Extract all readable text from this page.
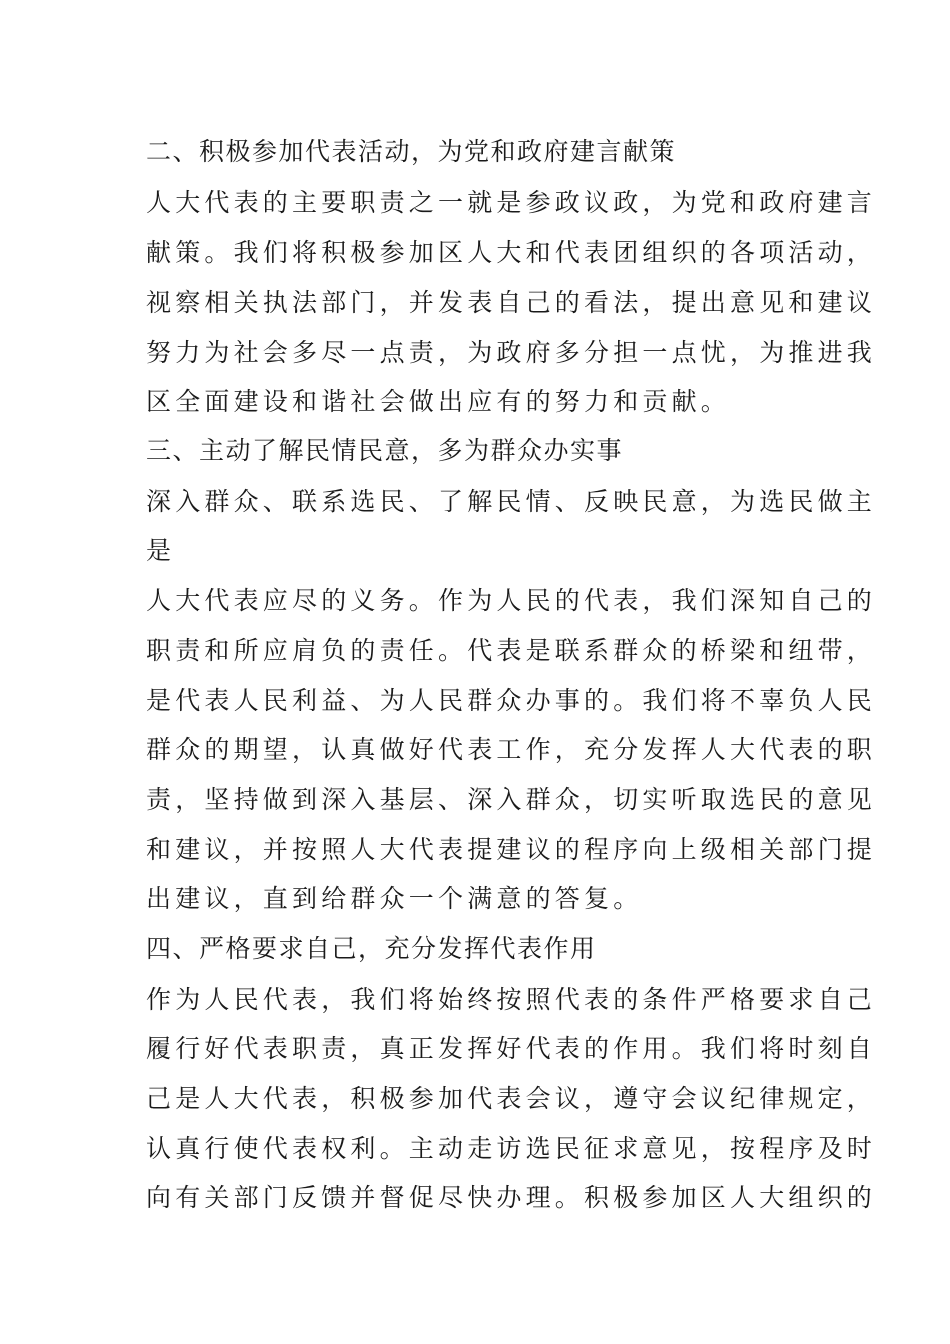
二、积极参加代表活动，为党和政府建言献策
人大代表的主要职责之一就是参政议政，为党和政府建言
献策。我们将积极参加区人大和代表团组织的各项活动，
视察相关执法部门，并发表自己的看法，提出意见和建议
努力为社会多尽一点责，为政府多分担一点忧，为推进我
区全面建设和谐社会做出应有的努力和贡献。
三、主动了解民情民意，多为群众办实事
深入群众、联系选民、了解民情、反映民意，为选民做主
是
人大代表应尽的义务。作为人民的代表，我们深知自己的
职责和所应肩负的责任。代表是联系群众的桥梁和纽带，
是代表人民利益、为人民群众办事的。我们将不辜负人民
群众的期望，认真做好代表工作，充分发挥人大代表的职
责，坚持做到深入基层、深入群众，切实听取选民的意见
和建议，并按照人大代表提建议的程序向上级相关部门提
出建议，直到给群众一个满意的答复。
四、严格要求自己，充分发挥代表作用
作为人民代表，我们将始终按照代表的条件严格要求自己
履行好代表职责，真正发挥好代表的作用。我们将时刻自
己是人大代表，积极参加代表会议，遵守会议纪律规定，
认真行使代表权利。主动走访选民征求意见，按程序及时
向有关部门反馈并督促尽快办理。积极参加区人大组织的
